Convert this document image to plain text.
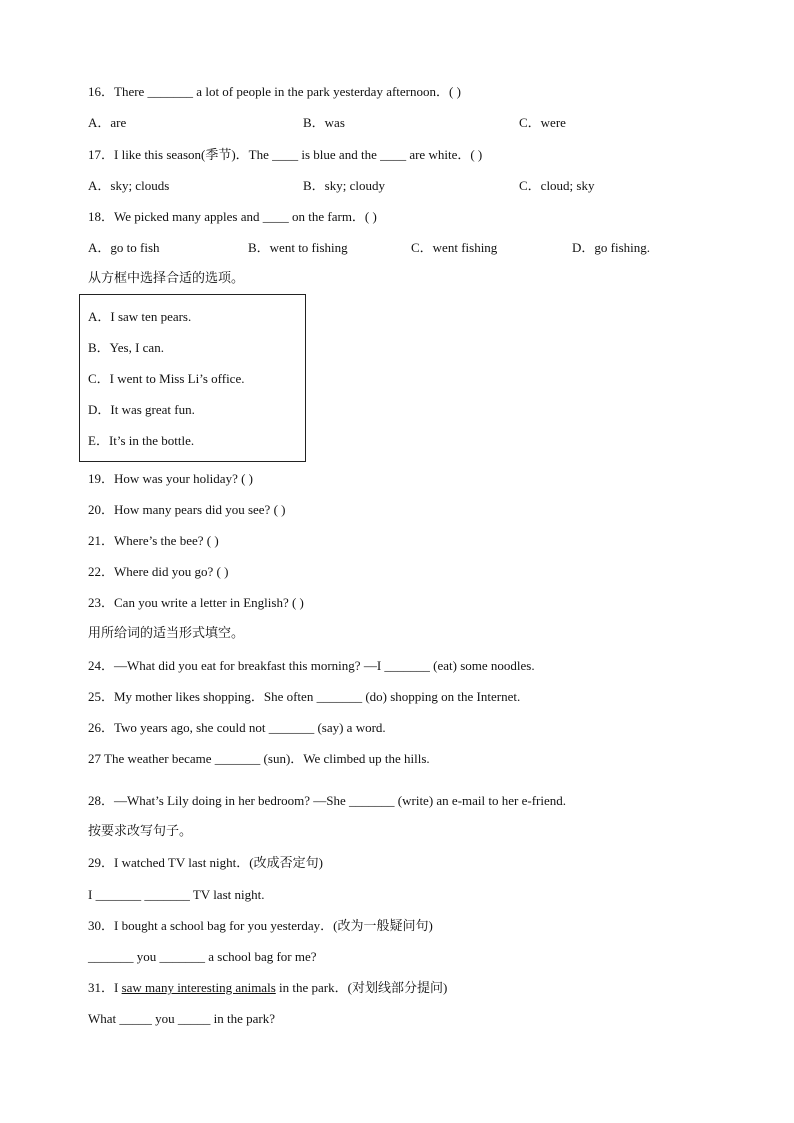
16．There _______ a lot of people in the park yesterday afternoon．( )
A．are	B．was	C．were
17．I like this season(季节)．The ____ is blue and the ____ are white．( )
A．sky; clouds	B．sky; cloudy	C．cloud; sky
18．We picked many apples and ____ on the farm．( )
A．go to fish	B．went to fishing	C．went fishing	D．go fishing.
从方框中选择合适的选项。
A．I saw ten pears.
B．Yes, I can.
C．I went to Miss Li’s office.
D．It was great fun.
E．It’s in the bottle.
19．How was your holiday? ( )
20．How many pears did you see? ( )
21．Where’s the bee? ( )
22．Where did you go? ( )
23．Can you write a letter in English? ( )
用所给词的适当形式填空。
24．—What did you eat for breakfast this morning? —I _______ (eat) some noodles.
25．My mother likes shopping．She often _______ (do) shopping on the Internet.
26．Two years ago, she could not _______ (say) a word.
27 The weather became _______ (sun)．We climbed up the hills.
28．—What’s Lily doing in her bedroom? —She _______ (write) an e-mail to her e-friend.
按要求改写句子。
29．I watched TV last night．(改成否定句)
I _______ _______ TV last night.
30．I bought a school bag for you yesterday．(改为一般疑问句)
_______ you _______ a school bag for me?
31．I saw many interesting animals in the park．(对划线部分提问)
What _____ you _____ in the park?
